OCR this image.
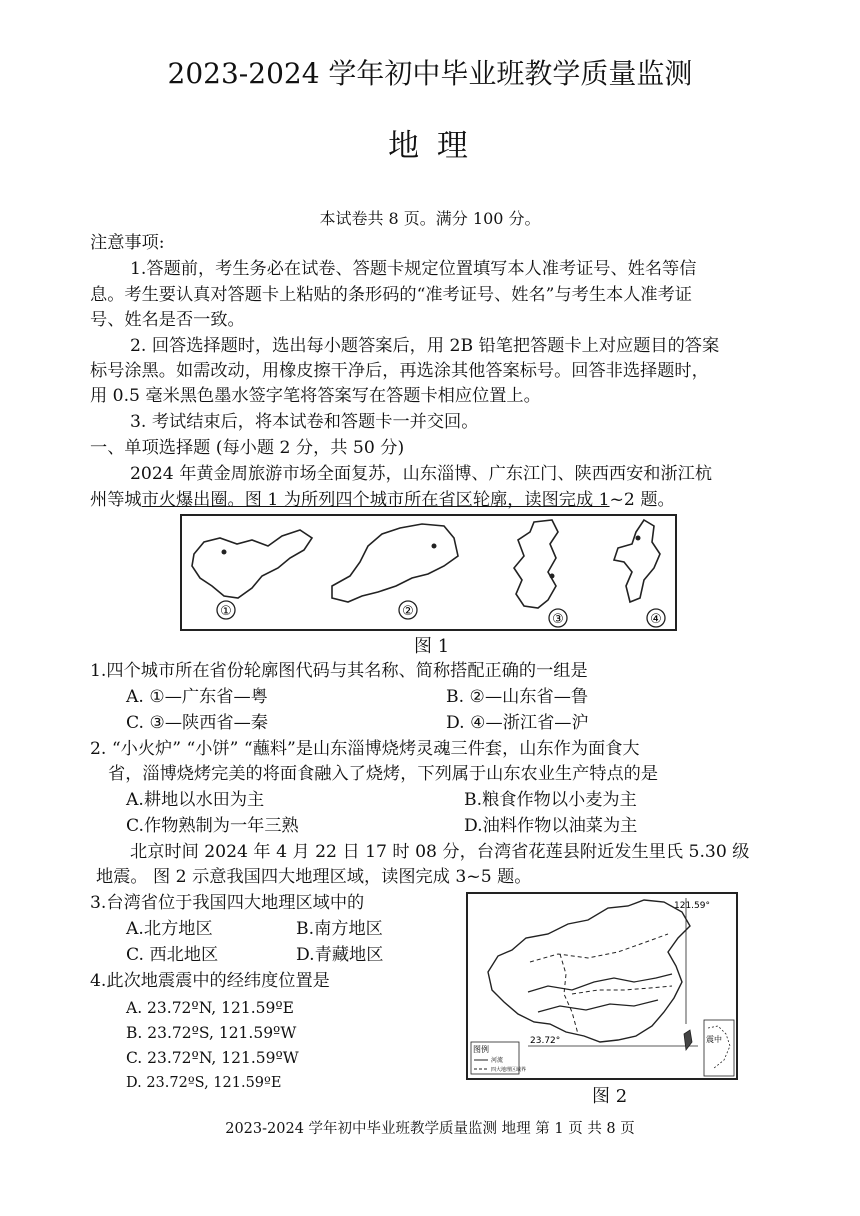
2023-2024 学年初中毕业班教学质量监测
地 理
本试卷共 8 页。满分 100 分。
注意事项:
1.答题前，考生务必在试卷、答题卡规定位置填写本人准考证号、姓名等信
息。考生要认真对答题卡上粘贴的条形码的“准考证号、姓名”与考生本人准考证
号、姓名是否一致。
2. 回答选择题时，选出每小题答案后，用 2B 铅笔把答题卡上对应题目的答案
标号涂黑。如需改动，用橡皮擦干净后，再选涂其他答案标号。回答非选择题时，
用 0.5 毫米黑色墨水签字笔将答案写在答题卡相应位置上。
3. 考试结束后，将本试卷和答题卡一并交回。
一、单项选择题 (每小题 2 分，共 50 分)
2024 年黄金周旅游市场全面复苏，山东淄博、广东江门、陕西西安和浙江杭
州等城市火爆出圈。图 1 为所列四个城市所在省区轮廓，读图完成 1~2 题。
①	②
③	④
图 1
1.四个城市所在省份轮廓图代码与其名称、简称搭配正确的一组是
A. ①—广东省—粤	B. ②—山东省—鲁
C. ③—陕西省—秦	D. ④—浙江省—沪
2. “小火炉” “小饼” “蘸料”是山东淄博烧烤灵魂三件套，山东作为面食大
省，淄博烧烤完美的将面食融入了烧烤，下列属于山东农业生产特点的是
A.耕地以水田为主	B.粮食作物以小麦为主
C.作物熟制为一年三熟	D.油料作物以油菜为主
北京时间 2024 年 4 月 22 日 17 时 08 分，台湾省花莲县附近发生里氏 5.30 级
地震。 图 2 示意我国四大地理区域，读图完成 3~5 题。
3.台湾省位于我国四大地理区域中的
A.北方地区	B.南方地区
C. 西北地区	D.青藏地区
4.此次地震震中的经纬度位置是
A. 23.72ºN, 121.59ºE
B. 23.72ºS, 121.59ºW
C. 23.72ºN, 121.59ºW
D. 23.72ºS, 121.59ºE
121.59°
23.72°
图例
河流
四大地理区域界
震中
图 2
2023-2024 学年初中毕业班教学质量监测 地理 第 1 页 共 8 页
